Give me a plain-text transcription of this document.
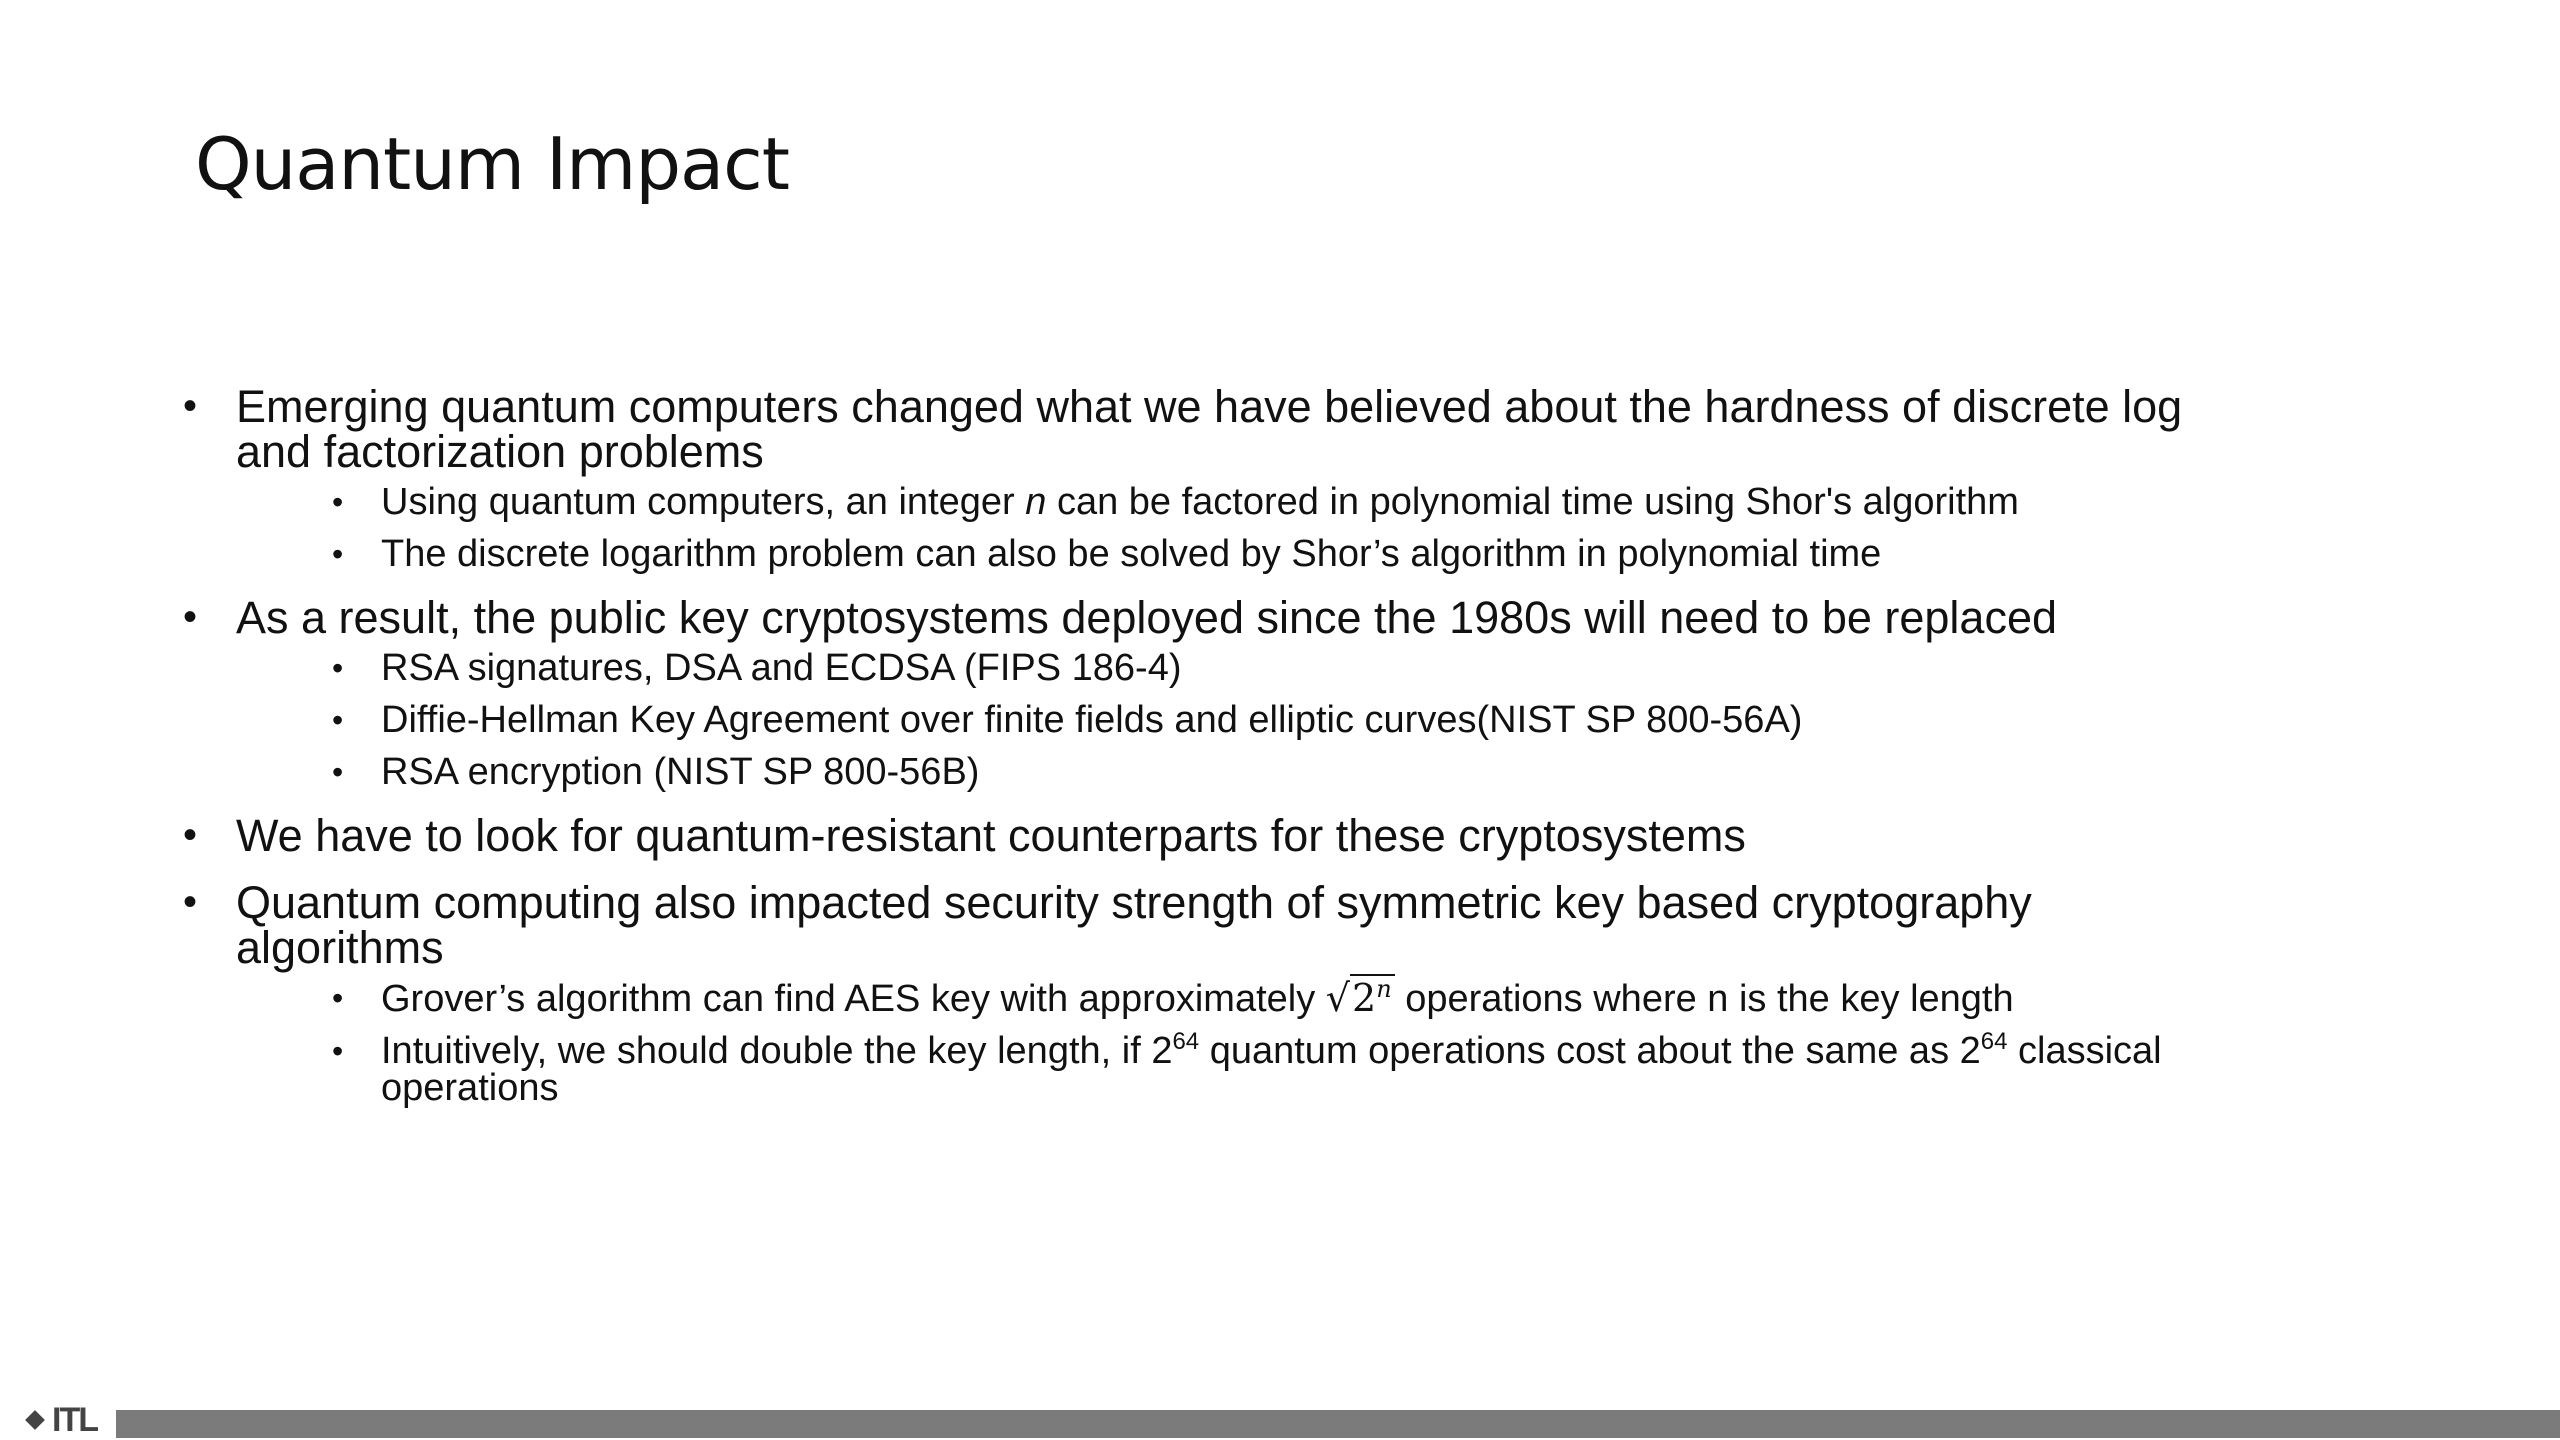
Quantum Impact
• Emerging quantum computers changed what we have believed about the hardness of discrete log and factorization problems
• Using quantum computers, an integer n can be factored in polynomial time using Shor's algorithm
• The discrete logarithm problem can also be solved by Shor’s algorithm in polynomial time
• As a result, the public key cryptosystems deployed since the 1980s will need to be replaced
• RSA signatures, DSA and ECDSA (FIPS 186-4)
• Diffie-Hellman Key Agreement over finite fields and elliptic curves(NIST SP 800-56A)
• RSA encryption (NIST SP 800-56B)
• We have to look for quantum-resistant counterparts for these cryptosystems
• Quantum computing also impacted security strength of symmetric key based cryptography algorithms
• Grover’s algorithm can find AES key with approximately √2$^n$ operations where n is the key length
• Intuitively, we should double the key length, if $2^{64}$ quantum operations cost about the same as $2^{64}$ classical operations
ITL
